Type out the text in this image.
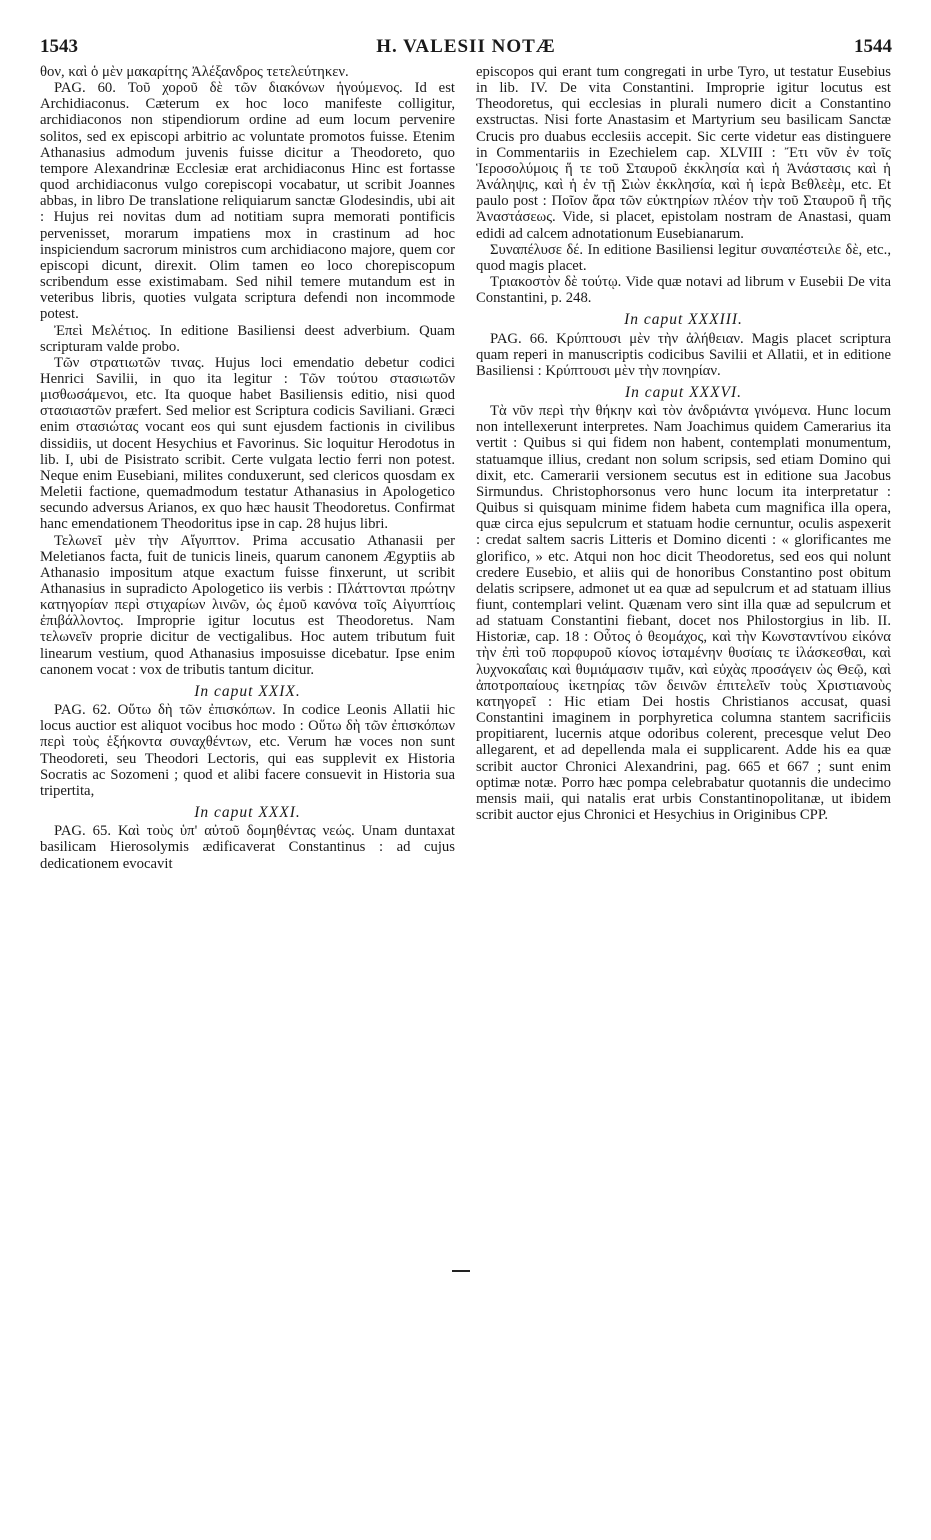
1543	H. VALESII NOTÆ	1544

θον, καὶ ὁ μὲν μακαρίτης Ἀλέξανδρος τετελεύτηκεν.

PAG. 60. Τοῦ χοροῦ δὲ τῶν διακόνων ἡγούμενος. Id est Archidiaconus. Cæterum ex hoc loco manifeste colligitur, archidiaconos non stipendiorum ordine ad eum locum pervenire solitos, sed ex episcopi arbitrio ac voluntate promotos fuisse. Etenim Athanasius admodum juvenis fuisse dicitur a Theodoreto, quo tempore Alexandrinæ Ecclesiæ erat archidiaconus Hinc est fortasse quod archidiaconus vulgo corepiscopi vocabatur, ut scribit Joannes abbas, in libro De translatione reliquiarum sanctæ Glodesindis, ubi ait : Hujus rei novitas dum ad notitiam supra memorati pontificis pervenisset, morarum impatiens mox in crastinum ad hoc inspiciendum sacrorum ministros cum archidiacono majore, quem cor episcopi dicunt, direxit. Olim tamen eo loco chorepiscopum scribendum esse existimabam. Sed nihil temere mutandum est in veteribus libris, quoties vulgata scriptura defendi non incommode potest.

Ἐπεὶ Μελέτιος. In editione Basiliensi deest adverbium. Quam scripturam valde probo.

Τῶν στρατιωτῶν τινας. Hujus loci emendatio debetur codici Henrici Savilii, in quo ita legitur : Τῶν τούτου στασιωτῶν μισθωσάμενοι, etc. Ita quoque habet Basiliensis editio, nisi quod στασιαστῶν præfert. Sed melior est Scriptura codicis Saviliani. Græci enim στασιώτας vocant eos qui sunt ejusdem factionis in civilibus dissidiis, ut docent Hesychius et Favorinus. Sic loquitur Herodotus in lib. I, ubi de Pisistrato scribit. Certe vulgata lectio ferri non potest. Neque enim Eusebiani, milites conduxerunt, sed clericos quosdam ex Meletii factione, quemadmodum testatur Athanasius in Apologetico secundo adversus Arianos, ex quo hæc hausit Theodoretus. Confirmat hanc emendationem Theodoritus ipse in cap. 28 hujus libri.

Τελωνεῖ μὲν τὴν Αἴγυπτον. Prima accusatio Athanasii per Meletianos facta, fuit de tunicis lineis, quarum canonem Ægyptiis ab Athanasio impositum atque exactum fuisse finxerunt, ut scribit Athanasius in supradicto Apologetico iis verbis : Πλάττονται πρώτην κατηγορίαν περὶ στιχαρίων λινῶν, ὡς ἐμοῦ κανόνα τοῖς Αἰγυπτίοις ἐπιβάλλοντος. Improprie igitur locutus est Theodoretus. Nam τελωνεῖν proprie dicitur de vectigalibus. Hoc autem tributum fuit linearum vestium, quod Athanasius imposuisse dicebatur. Ipse enim canonem vocat : vox de tributis tantum dicitur.

In caput XXIX.

PAG. 62. Οὕτω δὴ τῶν ἐπισκόπων. In codice Leonis Allatii hic locus auctior est aliquot vocibus hoc modo : Οὕτω δὴ τῶν ἐπισκόπων περὶ τοὺς ἑξήκοντα συναχθέντων, etc. Verum hæ voces non sunt Theodoreti, seu Theodori Lectoris, qui eas supplevit ex Historia Socratis ac Sozomeni ; quod et alibi facere consuevit in Historia sua tripertita,

In caput XXXI.

PAG. 65. Καὶ τοὺς ὑπ' αὐτοῦ δομηθέντας νεώς. Unam duntaxat basilicam Hierosolymis ædificaverat Constantinus : ad cujus dedicationem evocavit

episcopos qui erant tum congregati in urbe Tyro, ut testatur Eusebius in lib. IV. De vita Constantini. Improprie igitur locutus est Theodoretus, qui ecclesias in plurali numero dicit a Constantino exstructas. Nisi forte Anastasim et Martyrium seu basilicam Sanctæ Crucis pro duabus ecclesiis accepit. Sic certe videtur eas distinguere in Commentariis in Ezechielem cap. XLVIII : Ἔτι νῦν ἐν τοῖς Ἱεροσολύμοις ἥ τε τοῦ Σταυροῦ ἐκκλησία καὶ ἡ Ἀνάστασις καὶ ἡ Ἀνάληψις, καὶ ἡ ἐν τῇ Σιὼν ἐκκλησία, καὶ ἡ ἱερὰ Βεθλεὲμ, etc. Et paulo post : Ποῖον ἄρα τῶν εὐκτηρίων πλέον τὴν τοῦ Σταυροῦ ἢ τῆς Ἀναστάσεως. Vide, si placet, epistolam nostram de Anastasi, quam edidi ad calcem adnotationum Eusebianarum.

Συναπέλυσε δέ. In editione Basiliensi legitur συναπέστειλε δὲ, etc., quod magis placet.

Τριακοστὸν δὲ τούτῳ. Vide quæ notavi ad librum v Eusebii De vita Constantini, p. 248.

In caput XXXIII.

PAG. 66. Κρύπτουσι μὲν τὴν ἀλήθειαν. Magis placet scriptura quam reperi in manuscriptis codicibus Savilii et Allatii, et in editione Basiliensi : Κρύπτουσι μὲν τὴν πονηρίαν.

In caput XXXVI.

Τὰ νῦν περὶ τὴν θήκην καὶ τὸν ἀνδριάντα γινόμενα. Hunc locum non intellexerunt interpretes. Nam Joachimus quidem Camerarius ita vertit : Quibus si qui fidem non habent, contemplati monumentum, statuamque illius, credant non solum scripsis, sed etiam Domino qui dixit, etc. Camerarii versionem secutus est in editione sua Jacobus Sirmundus. Christophorsonus vero hunc locum ita interpretatur : Quibus si quisquam minime fidem habeta cum magnifica illa opera, quæ circa ejus sepulcrum et statuam hodie cernuntur, oculis aspexerit : credat saltem sacris Litteris et Domino dicenti : « glorificantes me glorifico, » etc. Atqui non hoc dicit Theodoretus, sed eos qui nolunt credere Eusebio, et aliis qui de honoribus Constantino post obitum delatis scripsere, admonet ut ea quæ ad sepulcrum et ad statuam illius fiunt, contemplari velint. Quænam vero sint illa quæ ad sepulcrum et ad statuam Constantini fiebant, docet nos Philostorgius in lib. II. Historiæ, cap. 18 : Οὗτος ὁ θεομάχος, καὶ τὴν Κωνσταντίνου εἰκόνα τὴν ἐπὶ τοῦ πορφυροῦ κίονος ἱσταμένην θυσίαις τε ἱλάσκεσθαι, καὶ λυχνοκαΐαις καὶ θυμιάμασιν τιμᾶν, καὶ εὐχὰς προσάγειν ὡς Θεῷ, καὶ ἀποτροπαίους ἱκετηρίας τῶν δεινῶν ἐπιτελεῖν τοὺς Χριστιανοὺς κατηγορεῖ : Hic etiam Dei hostis Christianos accusat, quasi Constantini imaginem in porphyretica columna stantem sacrificiis propitiarent, lucernis atque odoribus colerent, precesque velut Deo allegarent, et ad depellenda mala ei supplicarent. Adde his ea quæ scribit auctor Chronici Alexandrini, pag. 665 et 667 ; sunt enim optimæ notæ. Porro hæc pompa celebrabatur quotannis die undecimo mensis maii, qui natalis erat urbis Constantinopolitanæ, ut ibidem scribit auctor ejus Chronici et Hesychius in Originibus CPP.
